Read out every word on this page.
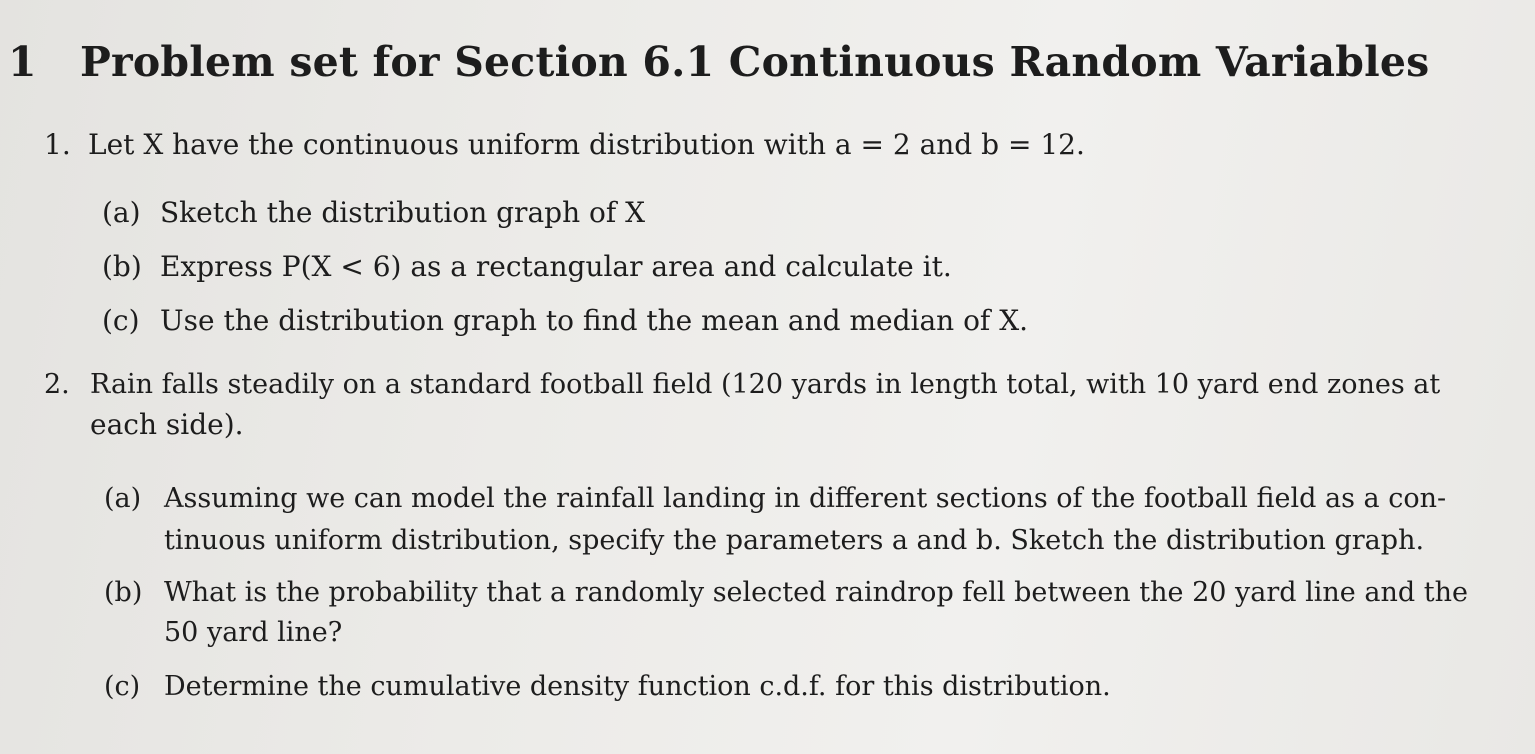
1 Problem set for Section 6.1 Continuous Random Variables
1. Let X have the continuous uniform distribution with a = 2 and b = 12.
(a) Sketch the distribution graph of X
(b) Express P(X < 6) as a rectangular area and calculate it.
(c) Use the distribution graph to find the mean and median of X.
2. Rain falls steadily on a standard football field (120 yards in length total, with 10 yard end zones at
each side).
(a) Assuming we can model the rainfall landing in different sections of the football field as a con-
tinuous uniform distribution, specify the parameters a and b. Sketch the distribution graph.
(b) What is the probability that a randomly selected raindrop fell between the 20 yard line and the
50 yard line?
(c) Determine the cumulative density function c.d.f. for this distribution.
